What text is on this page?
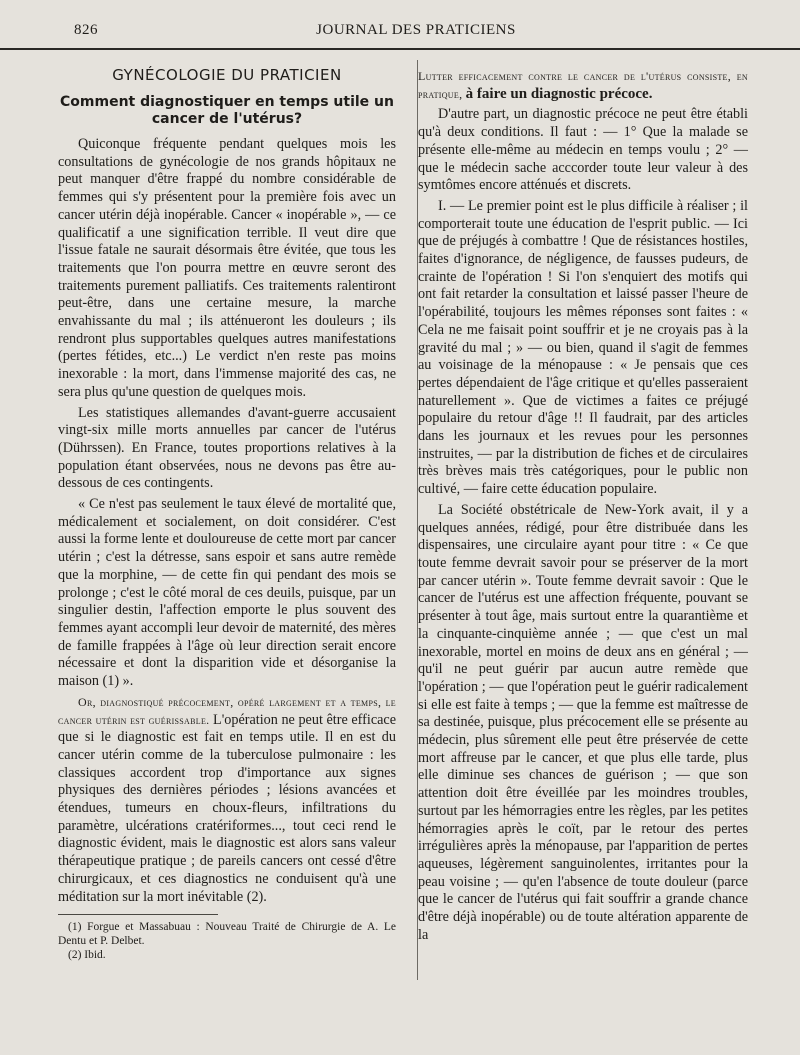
826	JOURNAL DES PRATICIENS
GYNÉCOLOGIE DU PRATICIEN
Comment diagnostiquer en temps utile un cancer de l'utérus?

Quiconque fréquente pendant quelques mois les consultations de gynécologie de nos grands hôpitaux ne peut manquer d'être frappé du nombre considérable de femmes qui s'y présentent pour la première fois avec un cancer utérin déjà inopérable. Cancer « inopérable », — ce qualificatif a une signification terrible. Il veut dire que l'issue fatale ne saurait désormais être évitée, que tous les traitements que l'on pourra mettre en œuvre seront des traitements purement palliatifs. Ces traitements ralentiront peut-être, dans une certaine mesure, la marche envahissante du mal ; ils atténueront les douleurs ; ils rendront plus supportables quelques autres manifestations (pertes fétides, etc...) Le verdict n'en reste pas moins inexorable : la mort, dans l'immense majorité des cas, ne sera plus qu'une question de quelques mois.

Les statistiques allemandes d'avant-guerre accusaient vingt-six mille morts annuelles par cancer de l'utérus (Dührssen). En France, toutes proportions relatives à la population étant observées, nous ne devons pas être au-dessous de ces contingents.

« Ce n'est pas seulement le taux élevé de mortalité que, médicalement et socialement, on doit considérer. C'est aussi la forme lente et douloureuse de cette mort par cancer utérin ; c'est la détresse, sans espoir et sans autre remède que la morphine, — de cette fin qui pendant des mois se prolonge ; c'est le côté moral de ces deuils, puisque, par un singulier destin, l'affection emporte le plus souvent des femmes ayant accompli leur devoir de maternité, des mères de famille frappées à l'âge où leur direction serait encore nécessaire et dont la disparition vide et désorganise la maison (1) ».

Or, diagnostiqué précocement, opéré largement et a temps, le cancer utérin est guérissable. L'opération ne peut être efficace que si le diagnostic est fait en temps utile. Il en est du cancer utérin comme de la tuberculose pulmonaire : les classiques accordent trop d'importance aux signes physiques des dernières périodes ; lésions avancées et étendues, tumeurs en choux-fleurs, infiltrations du paramètre, ulcérations cratériformes..., tout ceci rend le diagnostic évident, mais le diagnostic est alors sans valeur thérapeutique pratique ; de pareils cancers ont cessé d'être chirurgicaux, et ces diagnostics ne conduisent qu'à une méditation sur la mort inévitable (2).

(1) Forgue et Massabuau : Nouveau Traité de Chirurgie de A. Le Dentu et P. Delbet.

(2) Ibid.

Lutter efficacement contre le cancer de l'utérus consiste, en pratique, à faire un diagnostic précoce.

D'autre part, un diagnostic précoce ne peut être établi qu'à deux conditions. Il faut : — 1° Que la malade se présente elle-même au médecin en temps voulu ; 2° — que le médecin sache acccorder toute leur valeur à des symtômes encore atténués et discrets.

I. — Le premier point est le plus difficile à réaliser ; il comporterait toute une éducation de l'esprit public. — Ici que de préjugés à combattre ! Que de résistances hostiles, faites d'ignorance, de négligence, de fausses pudeurs, de crainte de l'opération ! Si l'on s'enquiert des motifs qui ont fait retarder la consultation et laissé passer l'heure de l'opérabilité, toujours les mêmes réponses sont faites : « Cela ne me faisait point souffrir et je ne croyais pas à la gravité du mal ; » — ou bien, quand il s'agit de femmes au voisinage de la ménopause : « Je pensais que ces pertes dépendaient de l'âge critique et qu'elles passeraient naturellement ». Que de victimes a faites ce préjugé populaire du retour d'âge !! Il faudrait, par des articles dans les journaux et les revues pour les personnes instruites, — par la distribution de fiches et de circulaires très brèves mais très catégoriques, pour le public non cultivé, — faire cette éducation populaire.

La Société obstétricale de New-York avait, il y a quelques années, rédigé, pour être distribuée dans les dispensaires, une circulaire ayant pour titre : « Ce que toute femme devrait savoir pour se préserver de la mort par cancer utérin ». Toute femme devrait savoir : Que le cancer de l'utérus est une affection fréquente, pouvant se présenter à tout âge, mais surtout entre la quarantième et la cinquante-cinquième année ; — que c'est un mal inexorable, mortel en moins de deux ans en général ; — qu'il ne peut guérir par aucun autre remède que l'opération ; — que l'opération peut le guérir radicalement si elle est faite à temps ; — que la femme est maîtresse de sa destinée, puisque, plus précocement elle se présente au médecin, plus sûrement elle peut être préservée de cette mort affreuse par le cancer, et que plus elle tarde, plus elle diminue ses chances de guérison ; — que son attention doit être éveillée par les moindres troubles, surtout par les hémorragies entre les règles, par les petites hémorragies après le coït, par le retour des pertes irrégulières après la ménopause, par l'apparition de pertes aqueuses, légèrement sanguinolentes, irritantes pour la peau voisine ; — qu'en l'absence de toute douleur (parce que le cancer de l'utérus qui fait souffrir a grande chance d'être déjà inopérable) ou de toute altération apparente de la
